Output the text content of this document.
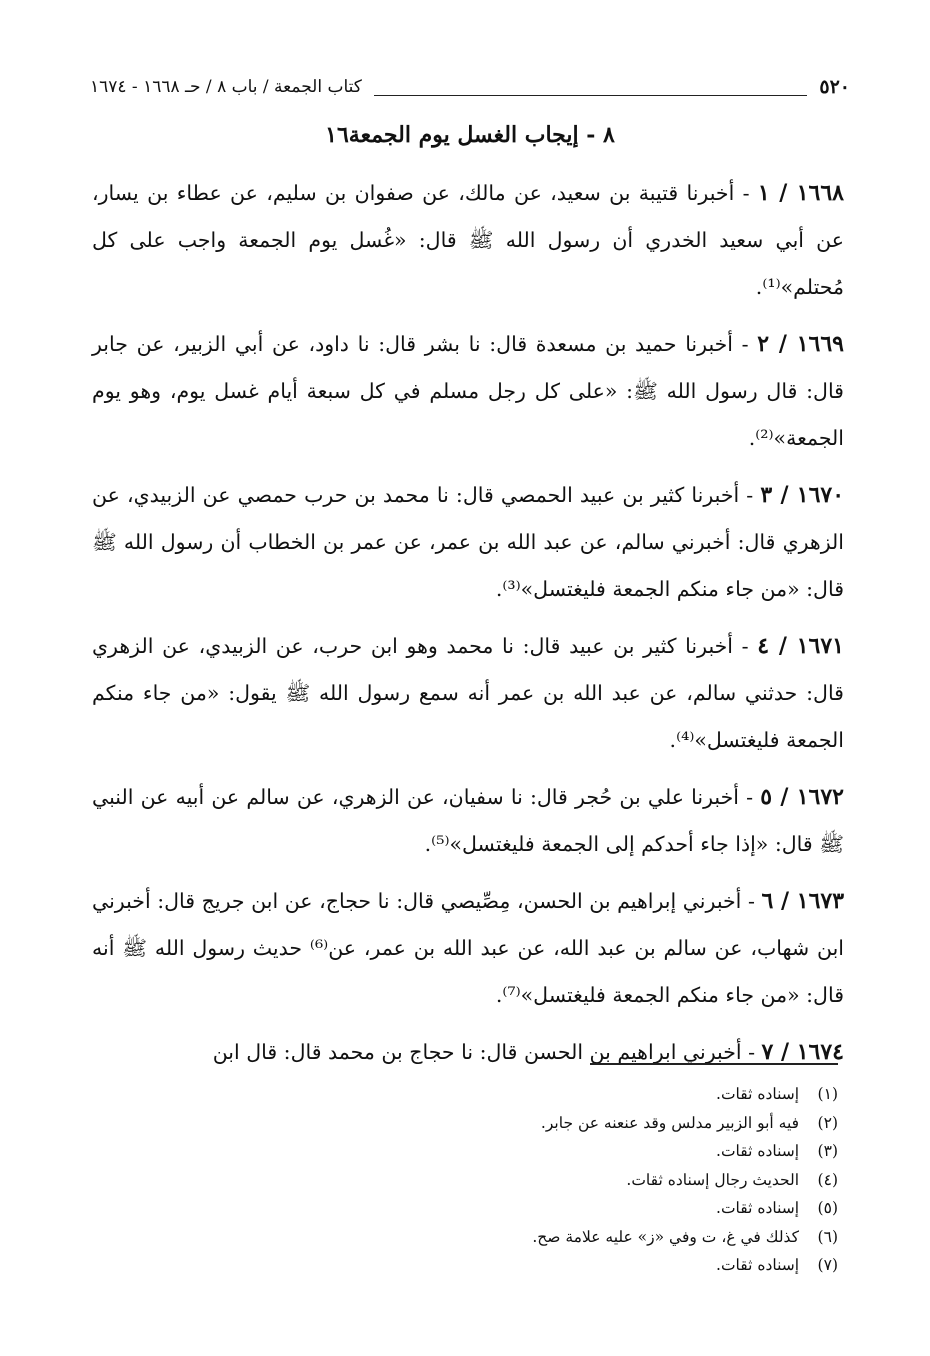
٥٢٠
كتاب الجمعة / باب ٨ / حـ ١٦٦٨ - ١٦٧٤
٨ - إيجاب الغسل يوم الجمعة١٦

١٦٦٨ / ١ - أخبرنا قتيبة بن سعيد، عن مالك، عن صفوان بن سليم، عن عطاء بن يسار، عن أبي سعيد الخدري أن رسول الله ﷺ قال: «غُسل يوم الجمعة واجب على كل مُحتلم»⁽¹⁾.

١٦٦٩ / ٢ - أخبرنا حميد بن مسعدة قال: نا بشر قال: نا داود، عن أبي الزبير، عن جابر قال: قال رسول الله ﷺ: «على كل رجل مسلم في كل سبعة أيام غسل يوم، وهو يوم الجمعة»⁽²⁾.

١٦٧٠ / ٣ - أخبرنا كثير بن عبيد الحمصي قال: نا محمد بن حرب حمصي عن الزبيدي، عن الزهري قال: أخبرني سالم، عن عبد الله بن عمر، عن عمر بن الخطاب أن رسول الله ﷺ قال: «من جاء منكم الجمعة فليغتسل»⁽³⁾.

١٦٧١ / ٤ - أخبرنا كثير بن عبيد قال: نا محمد وهو ابن حرب، عن الزبيدي، عن الزهري قال: حدثني سالم، عن عبد الله بن عمر أنه سمع رسول الله ﷺ يقول: «من جاء منكم الجمعة فليغتسل»⁽⁴⁾.

١٦٧٢ / ٥ - أخبرنا علي بن حُجر قال: نا سفيان، عن الزهري، عن سالم عن أبيه عن النبي ﷺ قال: «إذا جاء أحدكم إلى الجمعة فليغتسل»⁽⁵⁾.

١٦٧٣ / ٦ - أخبرني إبراهيم بن الحسن، مِصِّيصي قال: نا حجاج، عن ابن جريج قال: أخبرني ابن شهاب، عن سالم بن عبد الله، عن عبد الله بن عمر، عن⁽⁶⁾ حديث رسول الله ﷺ أنه قال: «من جاء منكم الجمعة فليغتسل»⁽⁷⁾.

١٦٧٤ / ٧ - أخبرني ابراهيم بن الحسن قال: نا حجاج بن محمد قال: قال ابن

(١) إسناده ثقات.
(٢) فيه أبو الزبير مدلس وقد عنعنه عن جابر.
(٣) إسناده ثقات.
(٤) الحديث رجال إسناده ثقات.
(٥) إسناده ثقات.
(٦) كذلك في غ، ت وفي «ز» عليه علامة صح.
(٧) إسناده ثقات.
